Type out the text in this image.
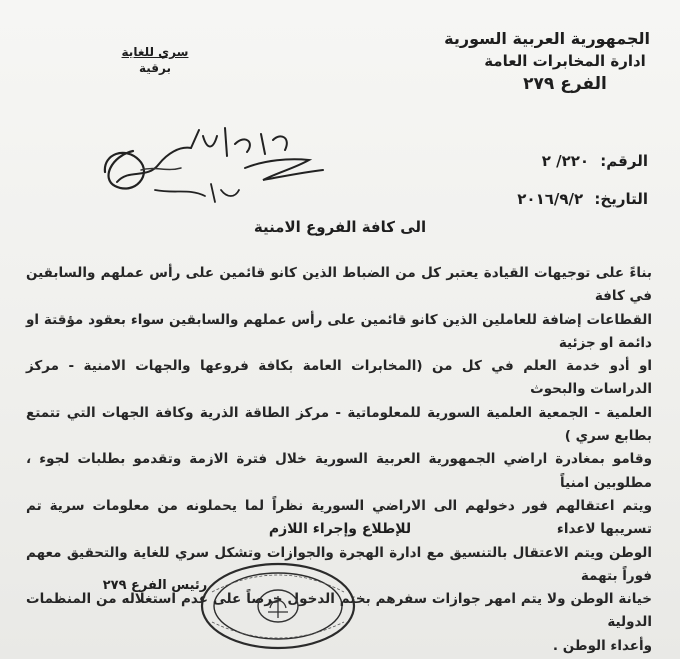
الجمهورية العربية السورية
ادارة المخابرات العامة
الفرع ٢٧٩
سري للغاية
برقية
الرقم: ٢٢٠/ ٢
التاريخ: ٢٠١٦/٩/٢
الى كافة الفروع الامنية
بناءً على توجيهات القيادة يعتبر كل من الضباط الذين كانو قائمين على رأس عملهم والسابقين في كافة
القطاعات إضافة للعاملين الذين كانو قائمين على رأس عملهم والسابقين سواء بعقود مؤقتة او دائمة او جزئية
او أدو خدمة العلم في كل من (المخابرات العامة بكافة فروعها والجهات الامنية - مركز الدراسات والبحوث
العلمية - الجمعية العلمية السورية للمعلوماتية - مركز الطاقة الذرية وكافة الجهات التي تتمتع بطابع سري )
وقامو بمغادرة اراضي الجمهورية العربية السورية خلال فترة الازمة وتقدمو بطلبات لجوء ، مطلوبين امنياً
ويتم اعتقالهم فور دخولهم الى الاراضي السورية نظراً لما يحملونه من معلومات سرية تم تسريبها لاعداء
الوطن ويتم الاعتقال بالتنسيق مع ادارة الهجرة والجوازات وتشكل سري للغاية والتحقيق معهم فوراً بتهمة
خيانة الوطن ولا يتم امهر جوازات سفرهم بختم الدخول حرصاً على عدم استغلاله من المنظمات الدولية
وأعداء الوطن .
للإطلاع وإجراء اللازم
رئيس الفرع ٢٧٩
